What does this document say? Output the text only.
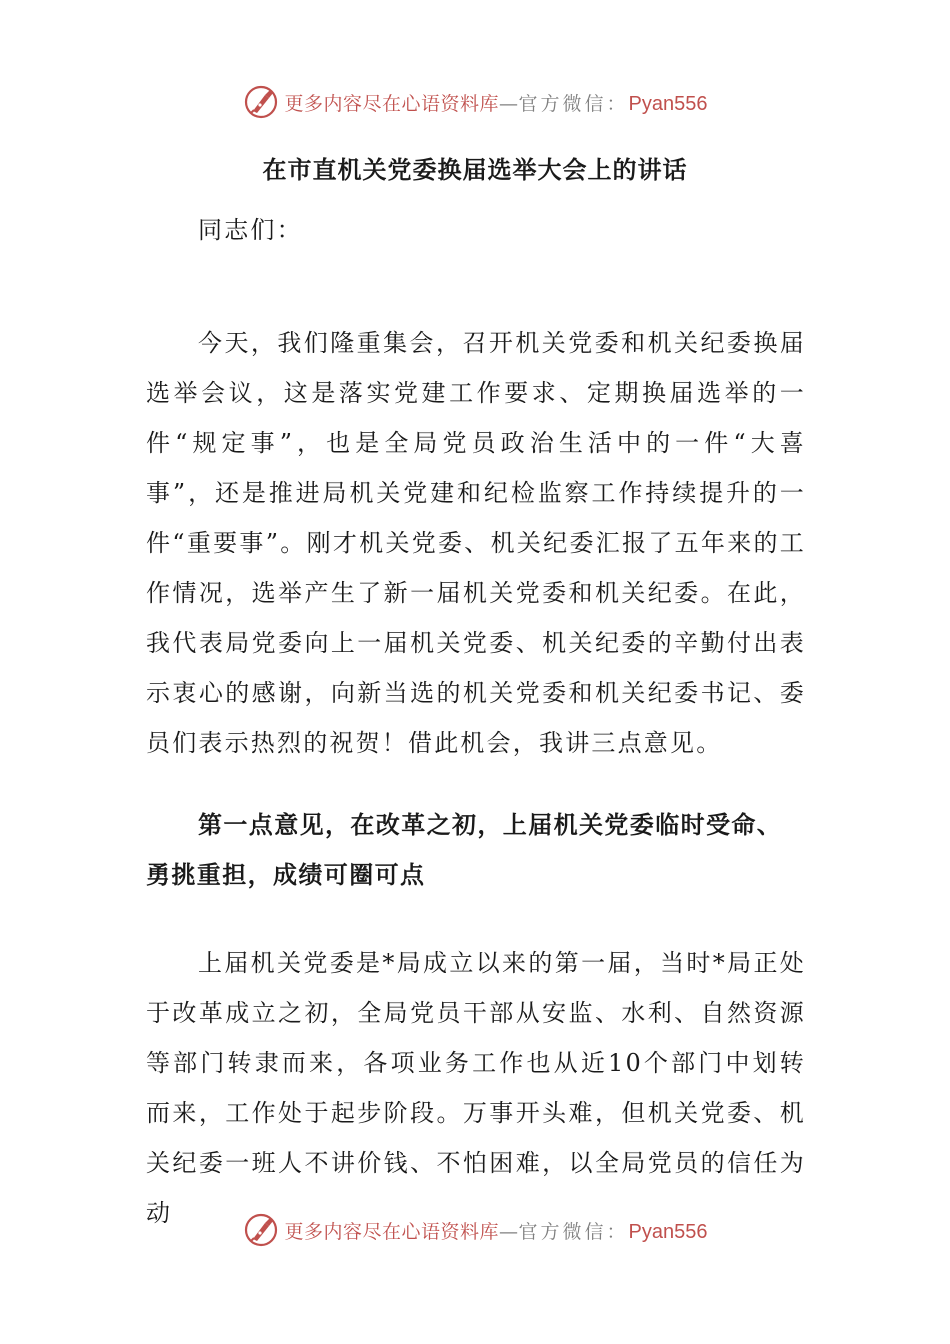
更多内容尽在心语资料库—官方微信：Pyan556
在市直机关党委换届选举大会上的讲话

同志们：

今天，我们隆重集会，召开机关党委和机关纪委换届选举会议，这是落实党建工作要求、定期换届选举的一件“规定事”，也是全局党员政治生活中的一件“大喜事”，还是推进局机关党建和纪检监察工作持续提升的一件“重要事”。刚才机关党委、机关纪委汇报了五年来的工作情况，选举产生了新一届机关党委和机关纪委。在此，我代表局党委向上一届机关党委、机关纪委的辛勤付出表示衷心的感谢，向新当选的机关党委和机关纪委书记、委员们表示热烈的祝贺！借此机会，我讲三点意见。

第一点意见，在改革之初，上届机关党委临时受命、勇挑重担，成绩可圈可点

上届机关党委是*局成立以来的第一届，当时*局正处于改革成立之初，全局党员干部从安监、水利、自然资源等部门转隶而来，各项业务工作也从近10个部门中划转而来，工作处于起步阶段。万事开头难，但机关党委、机关纪委一班人不讲价钱、不怕困难，以全局党员的信任为动

更多内容尽在心语资料库—官方微信：Pyan556
